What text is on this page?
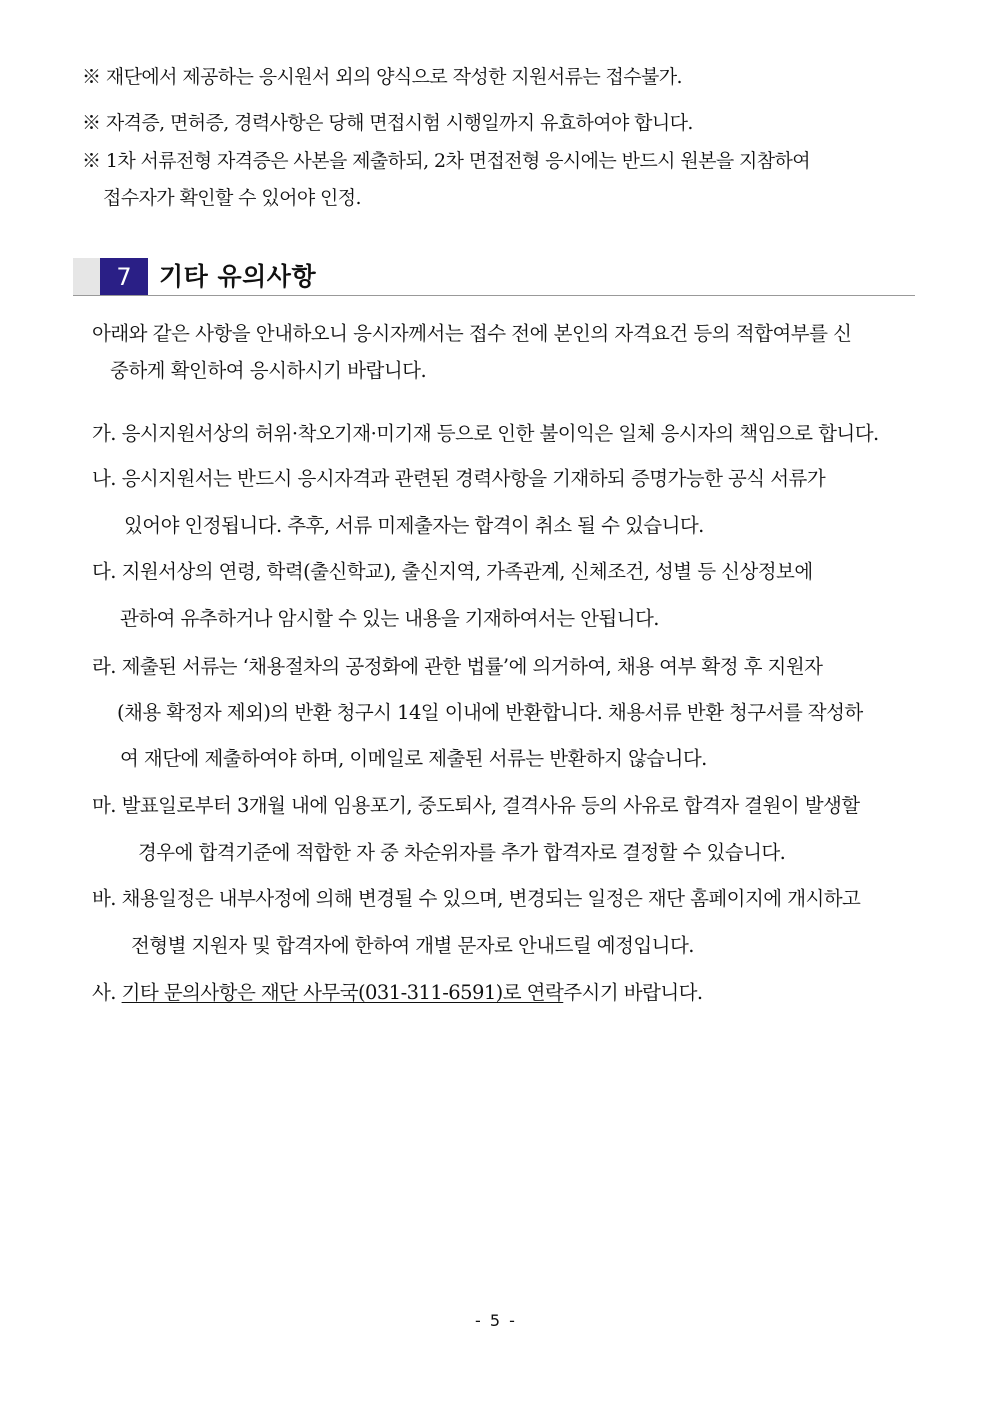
※ 재단에서 제공하는 응시원서 외의 양식으로 작성한 지원서류는 접수불가.
※ 자격증, 면허증, 경력사항은 당해 면접시험 시행일까지 유효하여야 합니다.
※ 1차 서류전형 자격증은 사본을 제출하되, 2차 면접전형 응시에는 반드시 원본을 지참하여
접수자가 확인할 수 있어야 인정.
7	기타 유의사항
아래와 같은 사항을 안내하오니 응시자께서는 접수 전에 본인의 자격요건 등의 적합여부를 신
중하게 확인하여 응시하시기 바랍니다.
가. 응시지원서상의 허위·착오기재·미기재 등으로 인한 불이익은 일체 응시자의 책임으로 합니다.
나. 응시지원서는 반드시 응시자격과 관련된 경력사항을 기재하되 증명가능한 공식 서류가
있어야 인정됩니다. 추후, 서류 미제출자는 합격이 취소 될 수 있습니다.
다. 지원서상의 연령, 학력(출신학교), 출신지역, 가족관계, 신체조건, 성별 등 신상정보에
관하여 유추하거나 암시할 수 있는 내용을 기재하여서는 안됩니다.
라. 제출된 서류는 ‘채용절차의 공정화에 관한 법률’에 의거하여, 채용 여부 확정 후 지원자
(채용 확정자 제외)의 반환 청구시 14일 이내에 반환합니다. 채용서류 반환 청구서를 작성하
여 재단에 제출하여야 하며, 이메일로 제출된 서류는 반환하지 않습니다.
마. 발표일로부터 3개월 내에 임용포기, 중도퇴사, 결격사유 등의 사유로 합격자 결원이 발생할
경우에 합격기준에 적합한 자 중 차순위자를 추가 합격자로 결정할 수 있습니다.
바. 채용일정은 내부사정에 의해 변경될 수 있으며, 변경되는 일정은 재단 홈페이지에 개시하고
전형별 지원자 및 합격자에 한하여 개별 문자로 안내드릴 예정입니다.
사. 기타 문의사항은 재단 사무국(031-311-6591)로 연락주시기 바랍니다.
- 5 -
